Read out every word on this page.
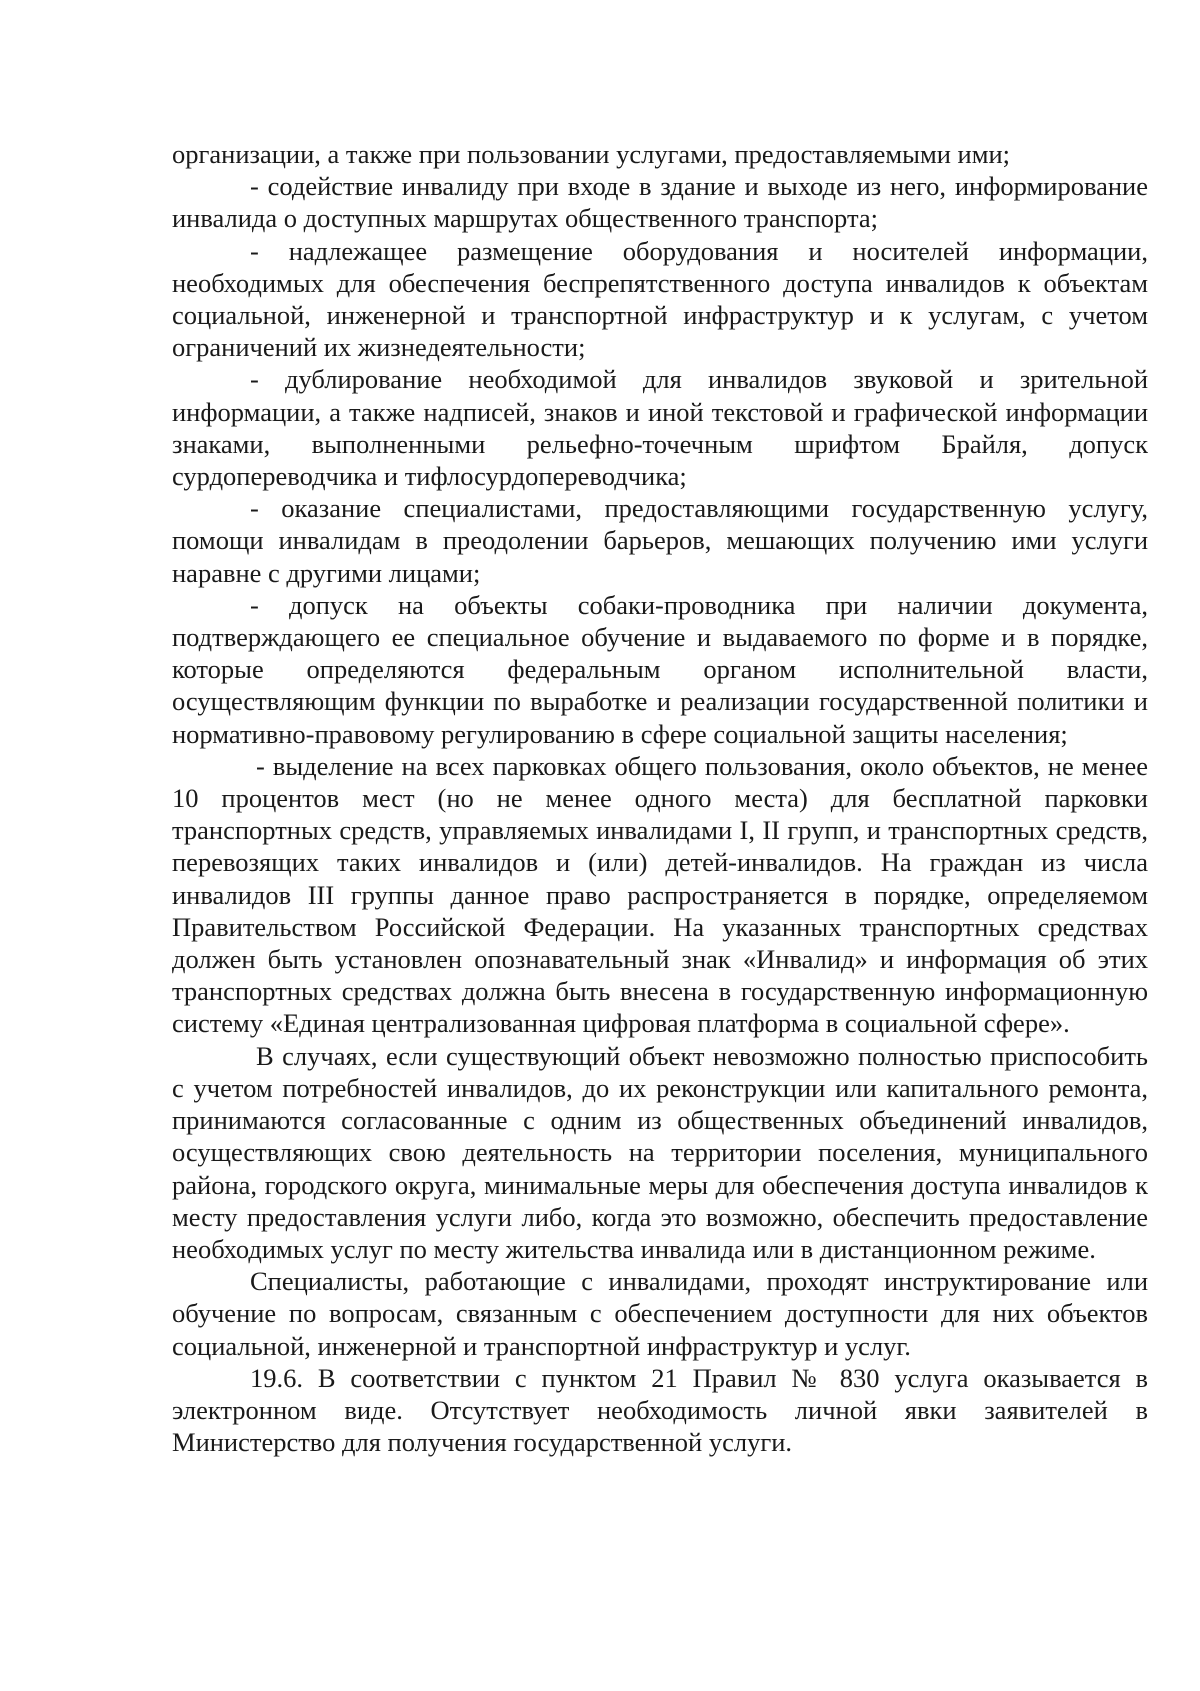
организации, а также при пользовании услугами, предоставляемыми ими;

- содействие инвалиду при входе в здание и выходе из него, информирование инвалида о доступных маршрутах общественного транспорта;

- надлежащее размещение оборудования и носителей информации, необходимых для обеспечения беспрепятственного доступа инвалидов к объектам социальной, инженерной и транспортной инфраструктур и к услугам, с учетом ограничений их жизнедеятельности;

- дублирование необходимой для инвалидов звуковой и зрительной информации, а также надписей, знаков и иной текстовой и графической информации знаками, выполненными рельефно-точечным шрифтом Брайля, допуск сурдопереводчика и тифлосурдопереводчика;

- оказание специалистами, предоставляющими государственную услугу, помощи инвалидам в преодолении барьеров, мешающих получению ими услуги наравне с другими лицами;

- допуск на объекты собаки-проводника при наличии документа, подтверждающего ее специальное обучение и выдаваемого по форме и в порядке, которые определяются федеральным органом исполнительной власти, осуществляющим функции по выработке и реализации государственной политики и нормативно-правовому регулированию в сфере социальной защиты населения;

- выделение на всех парковках общего пользования, около объектов, не менее 10 процентов мест (но не менее одного места) для бесплатной парковки транспортных средств, управляемых инвалидами I, II групп, и транспортных средств, перевозящих таких инвалидов и (или) детей-инвалидов. На граждан из числа инвалидов III группы данное право распространяется в порядке, определяемом Правительством Российской Федерации. На указанных транспортных средствах должен быть установлен опознавательный знак «Инвалид» и информация об этих транспортных средствах должна быть внесена в государственную информационную систему «Единая централизованная цифровая платформа в социальной сфере».

В случаях, если существующий объект невозможно полностью приспособить с учетом потребностей инвалидов, до их реконструкции или капитального ремонта, принимаются согласованные с одним из общественных объединений инвалидов, осуществляющих свою деятельность на территории поселения, муниципального района, городского округа, минимальные меры для обеспечения доступа инвалидов к месту предоставления услуги либо, когда это возможно, обеспечить предоставление необходимых услуг по месту жительства инвалида или в дистанционном режиме.

Специалисты, работающие с инвалидами, проходят инструктирование или обучение по вопросам, связанным с обеспечением доступности для них объектов социальной, инженерной и транспортной инфраструктур и услуг.

19.6. В соответствии с пунктом 21 Правил № 830 услуга оказывается в электронном виде. Отсутствует необходимость личной явки заявителей в Министерство для получения государственной услуги.
